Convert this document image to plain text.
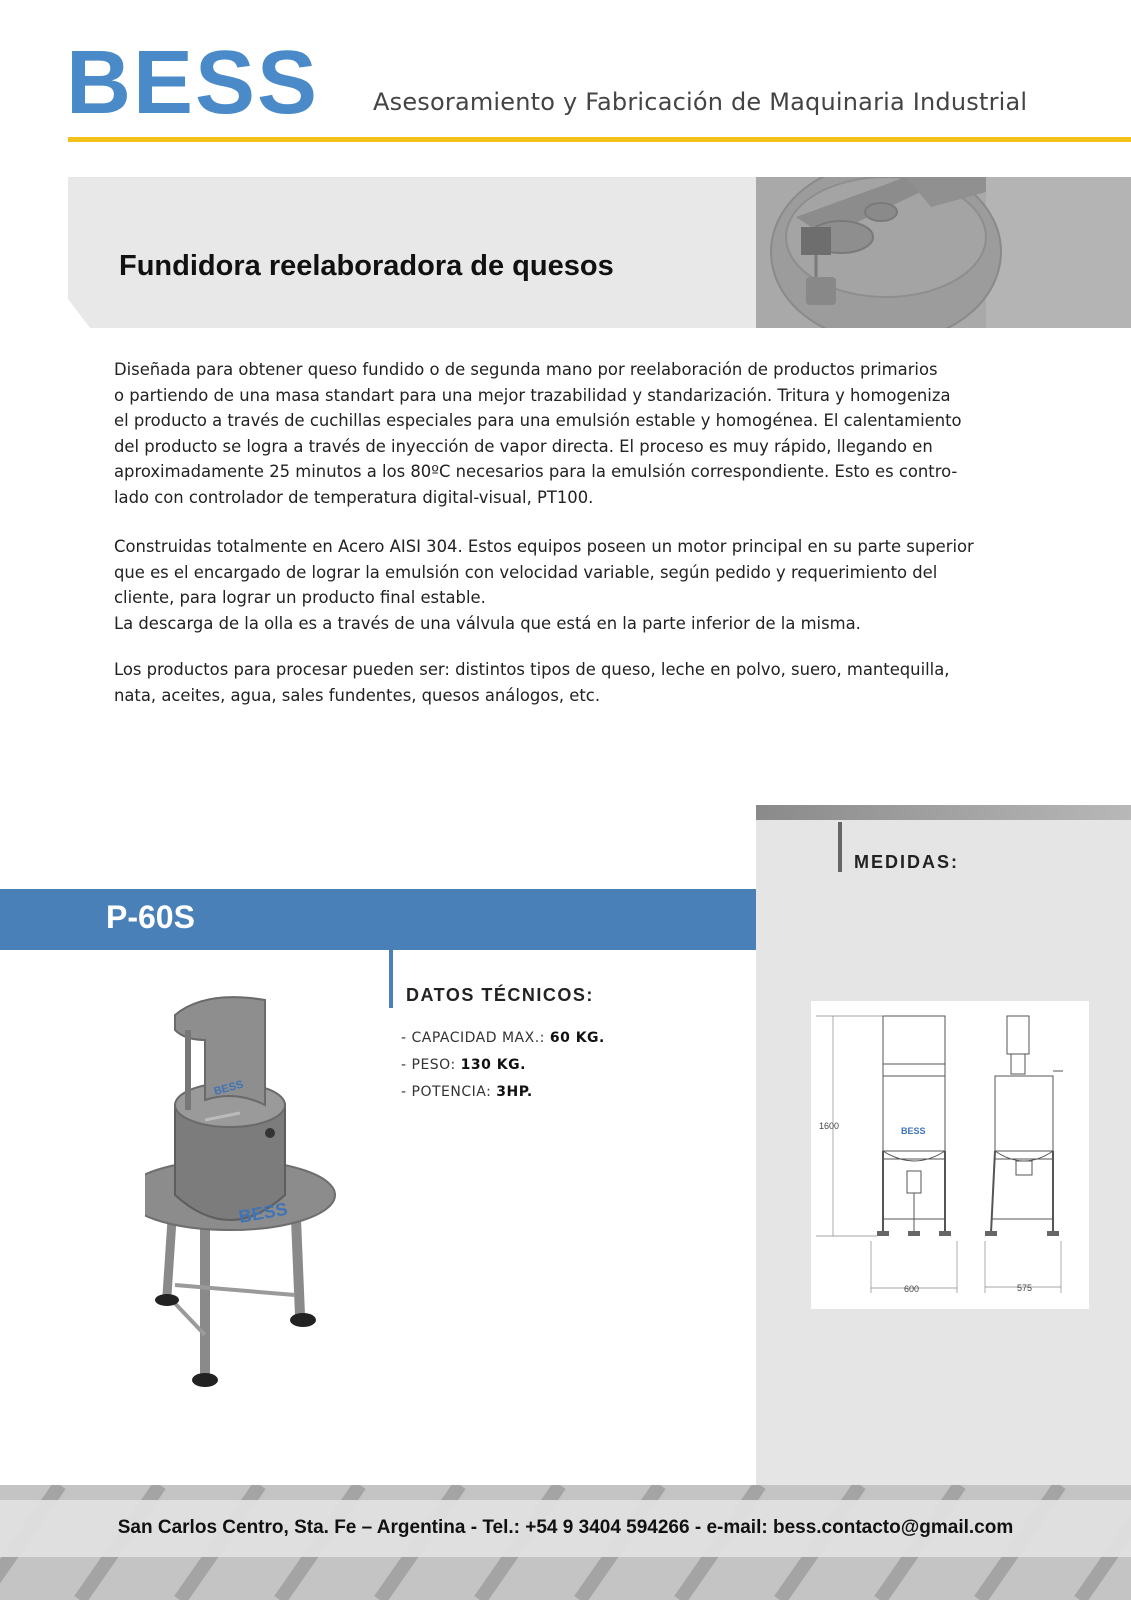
BESS Asesoramiento y Fabricación de Maquinaria Industrial
Fundidora reelaboradora de quesos

Diseñada para obtener queso fundido o de segunda mano por reelaboración de productos primarios
o partiendo de una masa standart para una mejor trazabilidad y standarización. Tritura y homogeniza
el producto a través de cuchillas especiales para una emulsión estable y homogénea. El calentamiento
del producto se logra a través de inyección de vapor directa. El proceso es muy rápido, llegando en
aproximadamente 25 minutos a los 80ºC necesarios para la emulsión correspondiente. Esto es contro-
lado con controlador de temperatura digital-visual, PT100.

Construidas totalmente en Acero AISI 304. Estos equipos poseen un motor principal en su parte superior
que es el encargado de lograr la emulsión con velocidad variable, según pedido y requerimiento del
cliente, para lograr un producto final estable.
La descarga de la olla es a través de una válvula que está en la parte inferior de la misma.

Los productos para procesar pueden ser: distintos tipos de queso, leche en polvo, suero, mantequilla,
nata, aceites, agua, sales fundentes, quesos análogos, etc.

MEDIDAS:
P-60S
DATOS TÉCNICOS:
- CAPACIDAD MAX.: 60 KG.
- PESO: 130 KG.
- POTENCIA: 3HP.
BESS
BESS
BESS
1600
600	575
San Carlos Centro, Sta. Fe – Argentina - Tel.: +54 9 3404 594266 - e-mail: bess.contacto@gmail.com
